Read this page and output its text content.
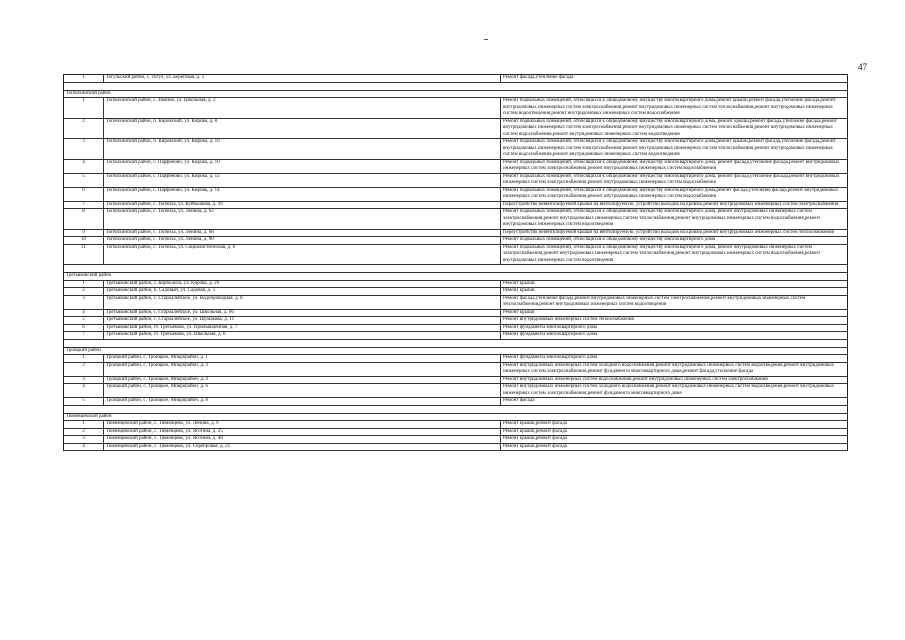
47
1	Тогульский район, с. Тогул, ул. Береговая, д. 1	Ремонт фасада,утепление фасада
Топчихинский район
1	Топчихинский район, с. Зимино, ул. Школьная, д. 2	Ремонт подвальных помещений, относящихся к общедомовому имуществу многоквартирного дома,ремонт крыши,ремонт фасада,утепление фасада,ремонт внутридомовых инженерных систем электроснабжения,ремонт внутридомовых инженерных систем теплоснабжения,ремонт внутридомовых инженерных систем водоотведения,ремонт внутридомовых инженерных систем водоснабжения
2	Топчихинский район, п. Кировский, ул. Кирова, д. 8	Ремонт подвальных помещений, относящихся к общедомовому имуществу многоквартирного дома, ремонт крыши,ремонт фасада,утепление фасада,ремонт внутридомовых инженерных систем электроснабжения,ремонт внутридомовых инженерных систем теплоснабжения,ремонт внутридомовых инженерных систем водоснабжения,ремонт внутридомовых инженерных систем водоотведения
3	Топчихинский район, п. Кировский, ул. Кирова, д. 10	Ремонт подвальных помещений, относящихся к общедомовому имуществу многоквартирного дома,ремонт крыши,ремонт фасада,утепление фасада,ремонт внутридомовых инженерных систем электроснабжения,ремонт внутридомовых инженерных систем теплоснабжения,ремонт внутридомовых инженерных систем водоснабжения,ремонт внутридомовых инженерных систем водоотведения
4	Топчихинский район, с. Парфёново, ул. Кирова, д. 10	Ремонт подвальных помещений, относящихся к общедомовому имуществу многоквартирного дома, ремонт фасада,утепление фасада,ремонт внутридомовых инженерных систем электроснабжения,ремонт внутридомовых инженерных систем водоснабжения
5	Топчихинский район, с. Парфёново, ул. Кирова, д. 12	Ремонт подвальных помещений, относящихся к общедомовому имуществу многоквартирного дома, ремонт фасада,утепление фасада,ремонт внутридомовых инженерных систем электроснабжения,ремонт внутридомовых инженерных систем водоснабжения
6	Топчихинский район, с. Парфёново, ул. Кирова, д. 14	Ремонт подвальных помещений, относящихся к общедомовому имуществу многоквартирного дома,ремонт фасада,утепление фасада,ремонт внутридомовых инженерных систем электроснабжения,ремонт внутридомовых инженерных систем водоснабжения
7	Топчихинский район, с. Топчиха, ул. Куйбышева, д. 39	Переустройство невентилируемой крыши на вентилируемую, устройство выходов на кровлю,ремонт внутридомовых инженерных систем электроснабжения
8	Топчихинский район, с. Топчиха, ул. Ленина, д. 62	Ремонт подвальных помещений, относящихся к общедомовому имуществу многоквартирного дома, ремонт внутридомовых инженерных систем электроснабжения,ремонт внутридомовых инженерных систем теплоснабжения,ремонт внутридомовых инженерных систем водоснабжения,ремонт внутридомовых инженерных систем водоотведения
9	Топчихинский район, с. Топчиха, ул. Ленина, д. 68	Переустройство невентилируемой крыши на вентилируемую, устройство выходов на кровлю,ремонт внутридомовых инженерных систем теплоснабжения
10	Топчихинский район, с. Топчиха, ул. Ленина, д. 90	Ремонт подвальных помещений, относящихся к общедомовому имуществу многоквартирного дома
11	Топчихинский район, с. Топчиха, ул. Социалистическая, д. 6	Ремонт подвальных помещений, относящихся к общедомовому имуществу многоквартирного дома, ремонт внутридомовых инженерных систем электроснабжения,ремонт внутридомовых инженерных систем теплоснабжения,ремонт внутридомовых инженерных систем водоснабжения,ремонт внутридомовых инженерных систем водоотведения
Третьяковский район
1	Третьяковский район, с. Корболиха, ул. Кирова, д. 29	Ремонт крыши
2	Третьяковский район, п. Садовый, ул. Садовая, д. 5	Ремонт крыши
3	Третьяковский район, с. Староалейское, ул. Водопроводная, д. 8	Ремонт фасада,утепление фасада,ремонт внутридомовых инженерных систем электроснабжения,ремонт внутридомовых инженерных систем теплоснабжения,ремонт внутридомовых инженерных систем водоотведения
4	Третьяковский район, с. Староалейское, ул. Школьная, д. 66	Ремонт крыши
5	Третьяковский район, с. Староалейское, ул. Шумакова, д. 11	Ремонт внутридомовых инженерных систем теплоснабжения
6	Третьяковский район, ст. Третьяково, ул. Промышленная, д. 7	Ремонт фундамента многоквартирного дома
7	Третьяковский район, ст. Третьяково, ул. Школьная, д. 6	Ремонт фундамента многоквартирного дома
Троицкий район
1	Троицкий район, с. Троицкое, Микрорайон, д. 1	Ремонт фундамента многоквартирного дома
2	Троицкий район, с. Троицкое, Микрорайон, д. 3	Ремонт внутридомовых инженерных систем холодного водоснабжения,ремонт внутридомовых инженерных систем водоотведения,ремонт внутридомовых инженерных систем электроснабжения,ремонт фундамента многоквартирного дома,ремонт фасада,утепление фасада
3	Троицкий район, с. Троицкое, Микрорайон, д. 4	Ремонт внутридомовых инженерных систем водоснабжения,ремонт внутридомовых инженерных систем электроснабжения
4	Троицкий район, с. Троицкое, Микрорайон, д. 6	Ремонт внутридомовых инженерных систем холодного водоснабжения,ремонт внутридомовых инженерных систем водоотведения,ремонт внутридомовых инженерных систем электроснабжения,ремонт фундамента многоквартирного дома
5	Троицкий район, с. Троицкое, Микрорайон, д. 8	Ремонт фасада
Тюменцевский район
1	Тюменцевский район, с. Тюменцево, ул. Ленина, д. 6	Ремонт крыши,ремонт фасада
2	Тюменцевский район, с. Тюменцево, ул. Яготина, д. 25	Ремонт крыши,ремонт фасада
3	Тюменцевский район, с. Тюменцево, ул. Яготина, д. 40	Ремонт крыши,ремонт фасада
4	Тюменцевский район, с. Тюменцево, ул. Серебровая, д. 21	Ремонт крыши,ремонт фасада
